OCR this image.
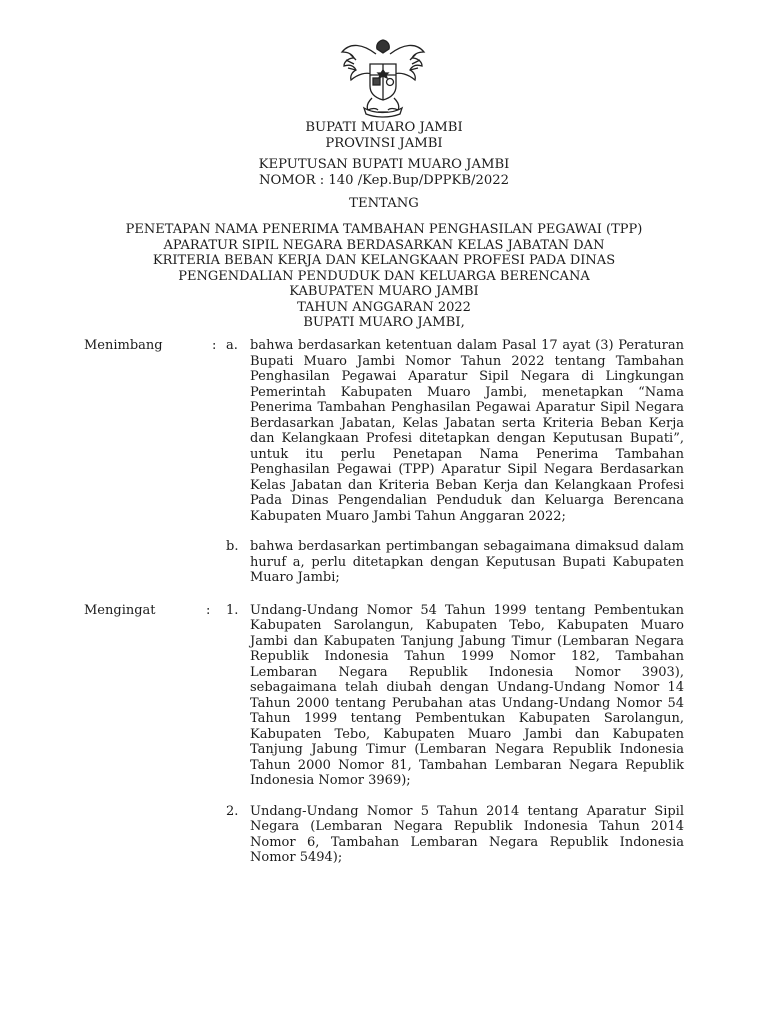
BUPATI MUARO JAMBI
PROVINSI JAMBI
KEPUTUSAN BUPATI MUARO JAMBI
NOMOR : 140 /Kep.Bup/DPPKB/2022
TENTANG
PENETAPAN NAMA PENERIMA TAMBAHAN PENGHASILAN PEGAWAI (TPP)
APARATUR SIPIL NEGARA BERDASARKAN KELAS JABATAN DAN
KRITERIA BEBAN KERJA DAN KELANGKAAN PROFESI PADA DINAS
PENGENDALIAN PENDUDUK DAN KELUARGA BERENCANA
KABUPATEN MUARO JAMBI
TAHUN ANGGARAN 2022
BUPATI MUARO JAMBI,
Menimbang	: a. bahwa berdasarkan ketentuan dalam Pasal 17 ayat (3) Peraturan Bupati Muaro Jambi Nomor Tahun 2022 tentang Tambahan Penghasilan Pegawai Aparatur Sipil Negara di Lingkungan Pemerintah Kabupaten Muaro Jambi, menetapkan “Nama Penerima Tambahan Penghasilan Pegawai Aparatur Sipil Negara Berdasarkan Jabatan, Kelas Jabatan serta Kriteria Beban Kerja dan Kelangkaan Profesi ditetapkan dengan Keputusan Bupati”, untuk itu perlu Penetapan Nama Penerima Tambahan Penghasilan Pegawai (TPP) Aparatur Sipil Negara Berdasarkan Kelas Jabatan dan Kriteria Beban Kerja dan Kelangkaan Profesi Pada Dinas Pengendalian Penduduk dan Keluarga Berencana Kabupaten Muaro Jambi Tahun Anggaran 2022;
b. bahwa berdasarkan pertimbangan sebagaimana dimaksud dalam huruf a, perlu ditetapkan dengan Keputusan Bupati Kabupaten Muaro Jambi;
Mengingat	: 1. Undang-Undang Nomor 54 Tahun 1999 tentang Pembentukan Kabupaten Sarolangun, Kabupaten Tebo, Kabupaten Muaro Jambi dan Kabupaten Tanjung Jabung Timur (Lembaran Negara Republik Indonesia Tahun 1999 Nomor 182, Tambahan Lembaran Negara Republik Indonesia Nomor 3903), sebagaimana telah diubah dengan Undang-Undang Nomor 14 Tahun 2000 tentang Perubahan atas Undang-Undang Nomor 54 Tahun 1999 tentang Pembentukan Kabupaten Sarolangun, Kabupaten Tebo, Kabupaten Muaro Jambi dan Kabupaten Tanjung Jabung Timur (Lembaran Negara Republik Indonesia Tahun 2000 Nomor 81, Tambahan Lembaran Negara Republik Indonesia Nomor 3969);
2. Undang-Undang Nomor 5 Tahun 2014 tentang Aparatur Sipil Negara (Lembaran Negara Republik Indonesia Tahun 2014 Nomor 6, Tambahan Lembaran Negara Republik Indonesia Nomor 5494);
